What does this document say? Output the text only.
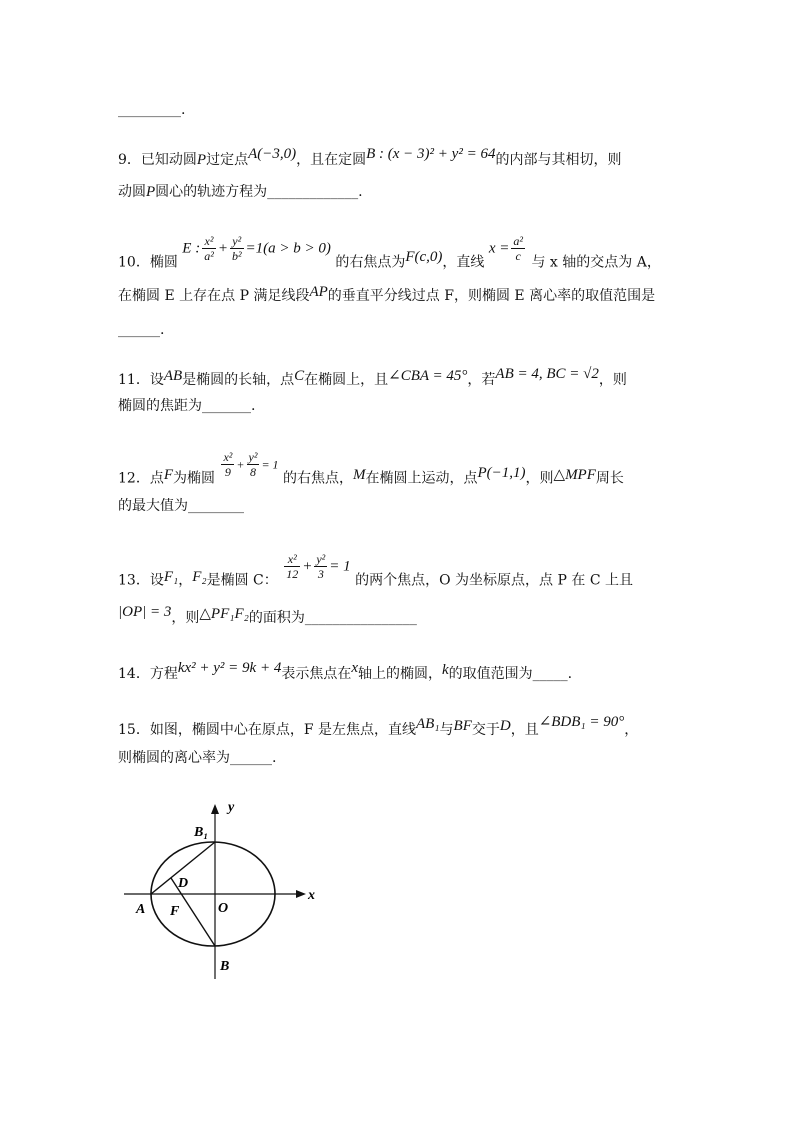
_________.
9．已知动圆P过定点A(−3,0)，且在定圆B : (x − 3)² + y² = 64的内部与其相切，则
动圆P圆心的轨迹方程为_____________.
10．椭圆 E : $\frac{\text{x²}}{\text{a²}} + \frac{\text{y²}}{\text{b²}} =1(a > b > 0)$ 的右焦点为F(c,0)，直线 $x = \frac{\text{a²}}{c}$ 与 x 轴的交点为 A，
在椭圆 E 上存在点 P 满足线段AP的垂直平分线过点 F，则椭圆 E 离心率的取值范围是
______.
11．设AB是椭圆的长轴，点C在椭圆上，且∠CBA = 45°，若AB = 4, BC = √2，则
椭圆的焦距为_______.
12．点F为椭圆 $\frac{\text{x²}}{9} + \frac{\text{y²}}{8} = 1$ 的右焦点，M在椭圆上运动，点P(−1,1)，则△MPF周长
的最大值为________
13．设F₁，F₂是椭圆 C： $\frac{\text{x²}}{12} + \frac{\text{y²}}{3} = 1$ 的两个焦点，O 为坐标原点，点 P 在 C 上且
|OP| = 3，则△PF₁F₂的面积为________________
14．方程kx² + y² = 9k + 4表示焦点在x轴上的椭圆，k的取值范围为_____.
15．如图，椭圆中心在原点，F 是左焦点，直线AB₁与BF交于D，且∠BDB₁ = 90°，
则椭圆的离心率为______.
y
x
B₁
D
A F	O
B
